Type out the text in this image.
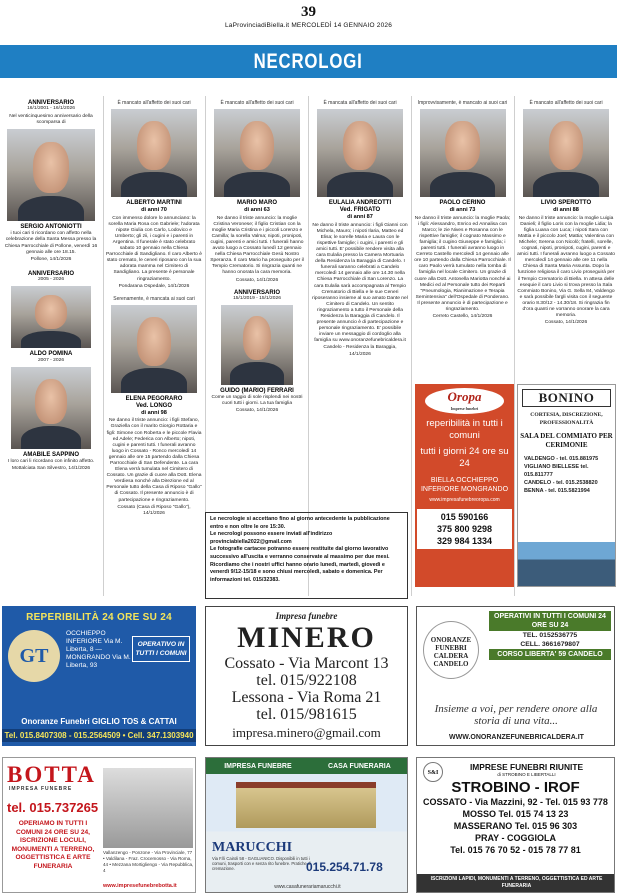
39
LaProvinciadiBiella.it MERCOLEDÌ 14 GENNAIO 2026
NECROLOGI
ANNIVERSARIO
16/1/2001 - 16/1/2026
Nel venticinquesimo anniversario della scomparsa di
SERGIO ANTONIOTTI

i tuoi cari ti ricordano con affetto nella celebrazione della Santa Messa presso la Chiesa Parrocchiale di Pollone, venerdì 16 gennaio alle ore 18.15.

Pollone, 14/1/2026
ANNIVERSARIO
2005 - 2026
ALDO POMINA
2007 - 2026
AMABILE SAPPINO

I loro cari li ricordano con infinito affetto.

Mottalciata San Silvestro, 14/1/2026
È mancato all'affetto dei suoi cari
ALBERTO MARTINI
di anni 70

Con immenso dolore lo annunciano: la sorella Maria Rosa con Gabriele; l'adorata nipote Giulia con Carlo, Lodovico e Umberto; gli zii, i cugini e i parenti in Argentina. Il funerale è stato celebrato sabato 10 gennaio nella Chiesa Parrocchiale di Sandigliano. Il caro Alberto è stato cremato, le ceneri riposano con la sua adorata mamma nel Cimitero di Sandigliano. La presente è personale ringraziamento.

Pondarana Ospedale, 14/1/2026
Serenamente, è mancata ai suoi cari
ELENA PEGORARO
Ved. LONGO
di anni 98

Ne danno il triste annuncio: i figli Stefano, Graziella con il marito Giorgio Rottaria e figli: Simone con Roberta e le piccole Flavia ed Adele; Federica con Alberto; nipoti, cugini e parenti tutti. I funerali avranno luogo in Cossato - Ronco mercoledì 14 gennaio alle ore 15 partendo dalla Chiesa Parrocchiale di San Defendente. La cara Elena verrà tumulata nel Cimitero di Cossato. Un grazie di cuore alla Dott. Elena Verdiesa nonché alla Direzione ed al Personale tutto della Casa di Riposo "Gallo" di Cossato. Il presente annuncio è di partecipazione e ringraziamento.

Cossato (Casa di Riposo "Gallo"), 14/1/2026
È mancato all'affetto dei suoi cari
MARIO MARO
di anni 63

Ne danno il triste annuncio: la moglie Cristina Veronese; il figlio Cristian con la moglie Maria Cristina e i piccoli Lorenzo e Camilla; la sorella Valma; nipoti, pronipoti, cugini, parenti e amici tutti. I funerali hanno avuto luogo a Cossato lunedì 12 gennaio nella Chiesa Parrocchiale Gesù Nostro Speranza. Il caro Mario ha proseguito per il Tempio Crematorio. Si ringrazia quanti ne hanno onorata la cara memoria.

Cossato, 14/1/2026
ANNIVERSARIO
15/1/2019 - 15/1/2026
GUIDO (MARIO) FERRARI

Come un raggio di sole risplendi nei nostri cuori tutti i giorni. La tua famiglia

Cossato, 14/1/2026
È mancata all'affetto dei suoi cari
EULALIA ANDREOTTI
Ved. FRIGATO
di anni 87

Ne danno il triste annuncio: i figli Gianni con Michela, Mauro; i nipoti Ilaria, Matteo ed Elisa; le sorelle Maria e Laura con le rispettive famiglie; i cugini, i parenti e gli amici tutti. E' possibile rendere visita alla cara Eulalia presso la Camera Mortuaria della Residenza la Baraggia di Candelo. I funerali saranno celebrati a Candelo mercoledì 14 gennaio alle ore 14.30 nella Chiesa Parrocchiale di San Lorenzo. La cara Eulalia sarà accompagnata al Tempio Crematorio di Biella e le sue Ceneri riposeranno insieme al suo amato Dante nel Cimitero di Candelo. Un sentito ringraziamento a tutto il Personale della Residenza la Baraggia di Candelo. Il presente annuncio è di partecipazione e personale ringraziamento. E' possibile inviare un messaggio di cordoglio alla famiglia su www.onoranzefunebricaldera.it

Candelo - Residenza la Baraggia, 14/1/2026
Improvvisamente, è mancato ai suoi cari
PAOLO CERINO
di anni 73

Ne danno il triste annuncio: la moglie Paola; i figli: Alessandro, Enrico ed Annalisa con Marco; le zie Nives e Rosanna con le rispettive famiglie; il cognato Massimo e famiglia; il cugino Giuseppe e famiglia; i parenti tutti. I funerali avranno luogo in Cerreto Castello mercoledì 14 gennaio alle ore 10 partendo dalla Chiesa Parrocchiale. Il caro Paolo verrà tumulato nella tomba di famiglia nel locale Cimitero. Un grazie di cuore alla Dott. Antonella Mariotta nonché ai Medici ed al Personale tutto dei Reparti "Pneumologia, Rianimazione e Terapia Semintensiva" dell'Ospedale di Ponderano. Il presente annuncio è di partecipazione e ringraziamento.

Cerreto Castello, 14/1/2026
È mancato all'affetto dei suoi cari
LIVIO SPEROTTO
di anni 88

Ne danno il triste annuncio: la moglie Luigia Danieli; il figlio Loris con la moglie Lidia; la figlia Luana con Luca; i nipoti Sara con Mattia e il piccolo Joel; Mattia; Valentina con Michele; Serena con Nicolò; fratelli, sorelle, cognati, nipoti, pronipoti, cugini, parenti e amici tutti. I funerali avranno luogo a Cossato mercoledì 14 gennaio alle ore 11 nella Chiesa di Santa Maria Assunta. Dopo la funzione religiosa il caro Livio proseguirà per il Tempio Crematorio di Biella. In attesa delle esequie il caro Livio si trova presso la Sala Commiato Bonino, Via G. Sella 84, Valdengo e sarà possibile fargli visita con il seguente orario 8.30/12 - 14.30/18. Si ringrazia fin d'ora quanti ne vorranno onorare la cara memoria.

Cossato, 14/1/2026
Le necrologie si accettano fino al giorno antecedente la pubblicazione entro e non oltre le ore 15:30.
Le necrologi possono essere inviati all'indirizzo
provinciabiella2022@gmail.com
Le fotografie cartacee potranno essere restituite dal giorno lavorativo successivo all'uscita e verranno conservate al massimo per due mesi. Ricordiamo che i nostri uffici hanno orario lunedì, martedì, giovedì e venerdì 9/12-15/18 e sono chiusi mercoledì, sabato e domenica. Per informazioni tel. 015/32383.
Oropa
Imprese funebri
reperibilità in tutti i comuni
tutti i giorni 24 ore su 24
BIELLA OCCHIEPPO INFERIORE MONGRANDO
www.impresafunebreoropa.com
015 590166
375 800 9298
329 984 1334
BONINO
CORTESIA, DISCREZIONE, PROFESSIONALITÀ
SALA DEL COMMIATO PER CERIMONIE
VALDENGO - tel. 015.881975
VIGLIANO BIELLESE tel. 015.811777
CANDELO - tel. 015.2538820
BENNA - tel. 015.5821994
REPERIBILITÀ 24 ORE SU 24
GT
OCCHIEPPO INFERIORE Via M. Liberta, 8 — MONGRANDO Via M. Liberta, 93
OPERATIVO IN TUTTI I COMUNI
Onoranze Funebri GIGLIO TOS & CATTAI
Tel. 015.8407308 - 015.2564509 • Cell. 347.1303940
Impresa funebre
MINERO
Cossato - Via Marcont 13
tel. 015/922108
Lessona - Via Roma 21
tel. 015/981615
impresa.minero@gmail.com
ONORANZE FUNEBRI CALDERA CANDELO
OPERATIVI IN TUTTI I COMUNI 24 ORE SU 24
TEL. 0152536775
CELL. 3661679807
CORSO LIBERTA' 59 CANDELO
Insieme a voi, per rendere onore alla storia di una vita...
WWW.ONORANZEFUNEBRICALDERA.IT
BOTTA
IMPRESA FUNEBRE
tel. 015.737265
OPERIAMO IN TUTTI I COMUNI 24 ORE SU 24, ISCRIZIONE LOCULI, MONUMENTI A TERRENO, OGGETTISTICA E ARTE FUNERARIA
Vallanzengo - Ponzone - Via Provinciale, 77 • Valdilana - Fraz. Crocemosso - Via Roma, 44 • Mezzana Mortigliengo - Via Repubblica, 4
www.impresefunebrebotta.it
IMPRESA FUNEBRE	CASA FUNERARIA
MARUCCHI
Via F.lli Cairoli 58 - GAGLIANICO. Disponibili in tutti i comuni, trasporti con e senza rito funebre. Pratiche di cremazione.	015.254.71.78
www.casafunerariamarucchi.it
S&I
IMPRESE FUNEBRI RIUNITE
di STROBINO E LIBERTALLI
STROBINO - IROF
COSSATO - Via Mazzini, 92 - Tel. 015 93 778
MOSSO Tel. 015 74 13 23
MASSERANO Tel. 015 96 303
PRAY - COGGIOLA
Tel. 015 76 70 52 - 015 78 77 81
ISCRIZIONI LAPIDI, MONUMENTI A TERRENO, OGGETTISTICA ED ARTE FUNERARIA
